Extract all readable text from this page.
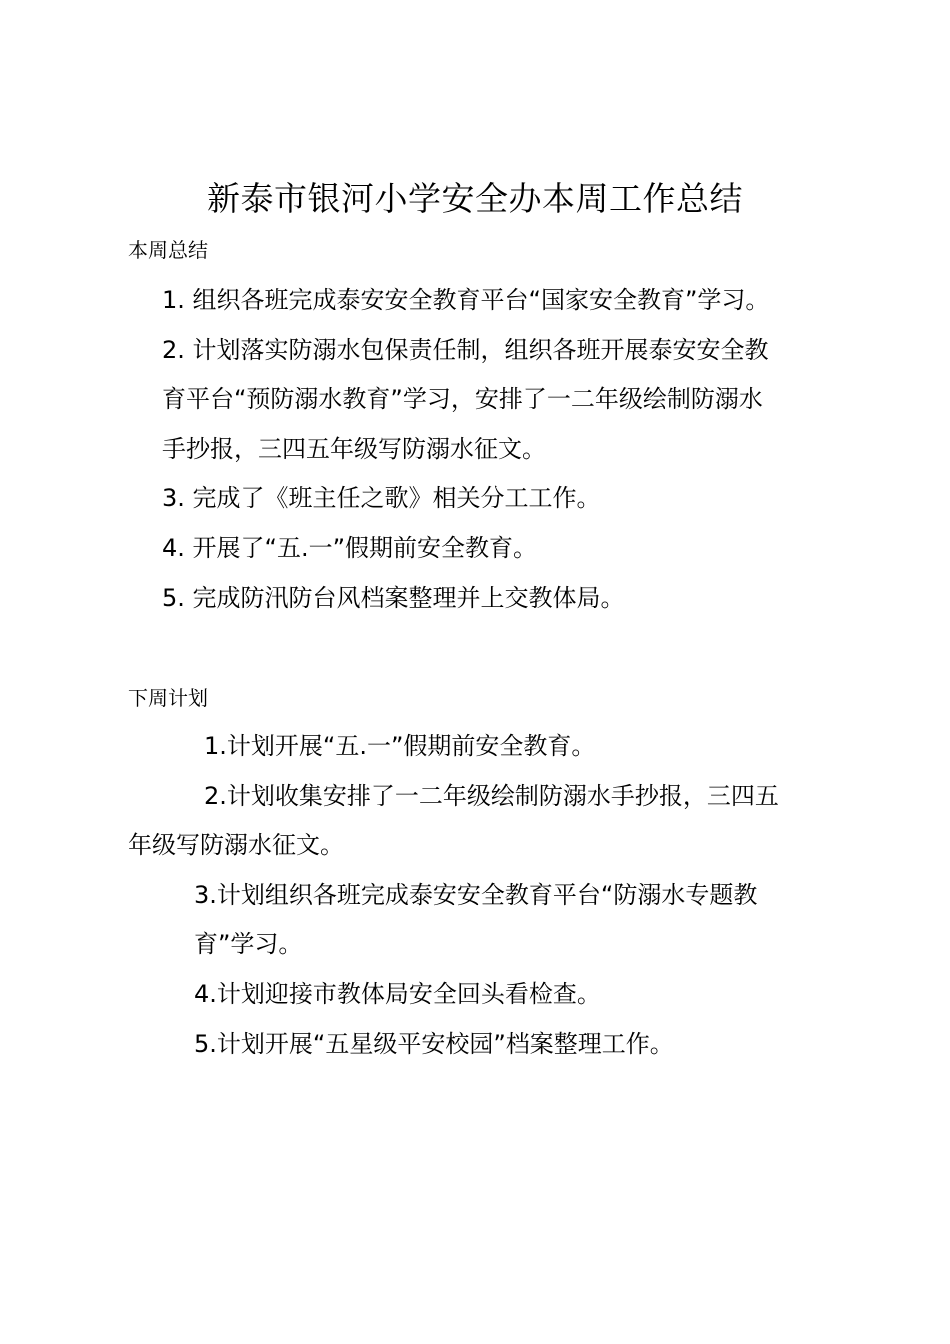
新泰市银河小学安全办本周工作总结
本周总结
1. 组织各班完成泰安安全教育平台“国家安全教育”学习。
2. 计划落实防溺水包保责任制，组织各班开展泰安安全教
育平台“预防溺水教育”学习，安排了一二年级绘制防溺水
手抄报，三四五年级写防溺水征文。
3. 完成了《班主任之歌》相关分工工作。
4. 开展了“五.一”假期前安全教育。
5. 完成防汛防台风档案整理并上交教体局。
下周计划
1.计划开展“五.一”假期前安全教育。
2.计划收集安排了一二年级绘制防溺水手抄报，三四五
年级写防溺水征文。
3.计划组织各班完成泰安安全教育平台“防溺水专题教
育”学习。
4.计划迎接市教体局安全回头看检查。
5.计划开展“五星级平安校园”档案整理工作。
